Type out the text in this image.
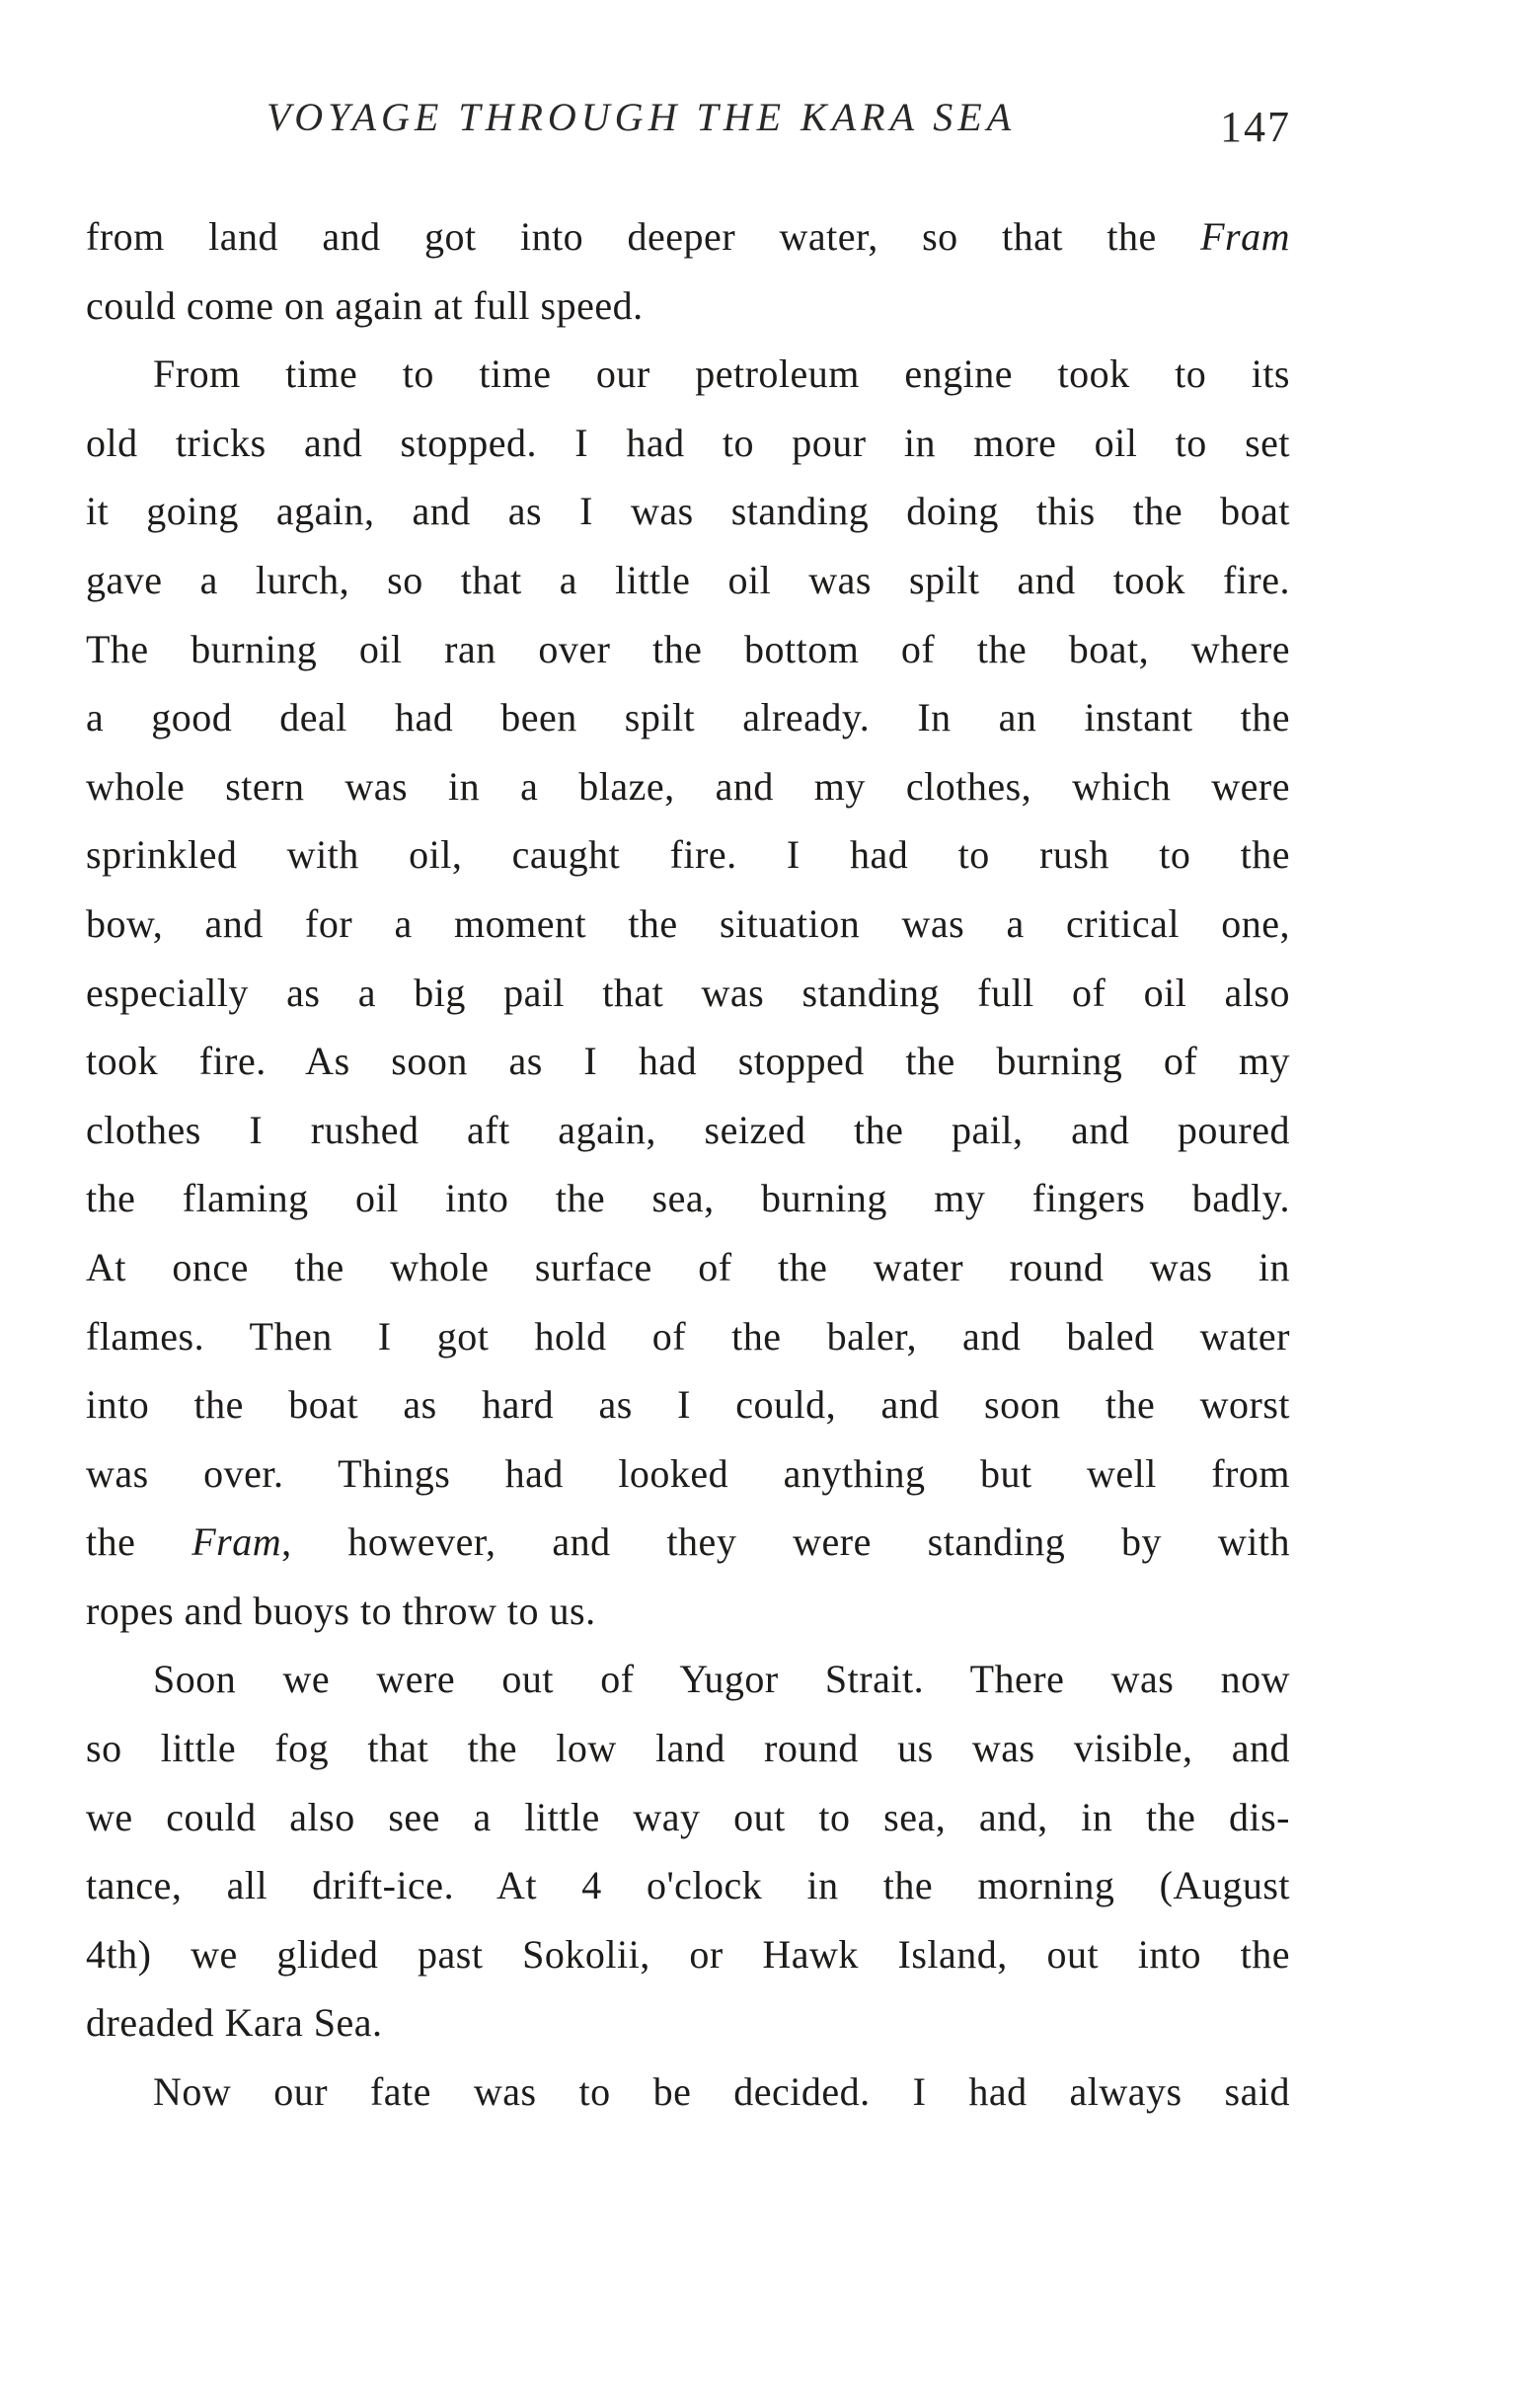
VOYAGE THROUGH THE KARA SEA	147
from land and got into deeper water, so that the Fram
could come on again at full speed.
From time to time our petroleum engine took to its
old tricks and stopped. I had to pour in more oil to set
it going again, and as I was standing doing this the boat
gave a lurch, so that a little oil was spilt and took fire.
The burning oil ran over the bottom of the boat, where
a good deal had been spilt already. In an instant the
whole stern was in a blaze, and my clothes, which were
sprinkled with oil, caught fire. I had to rush to the
bow, and for a moment the situation was a critical one,
especially as a big pail that was standing full of oil also
took fire. As soon as I had stopped the burning of my
clothes I rushed aft again, seized the pail, and poured
the flaming oil into the sea, burning my fingers badly.
At once the whole surface of the water round was in
flames. Then I got hold of the baler, and baled water
into the boat as hard as I could, and soon the worst
was over. Things had looked anything but well from
the Fram, however, and they were standing by with
ropes and buoys to throw to us.
Soon we were out of Yugor Strait. There was now
so little fog that the low land round us was visible, and
we could also see a little way out to sea, and, in the dis-
tance, all drift-ice. At 4 o'clock in the morning (August
4th) we glided past Sokolii, or Hawk Island, out into the
dreaded Kara Sea.
Now our fate was to be decided. I had always said
